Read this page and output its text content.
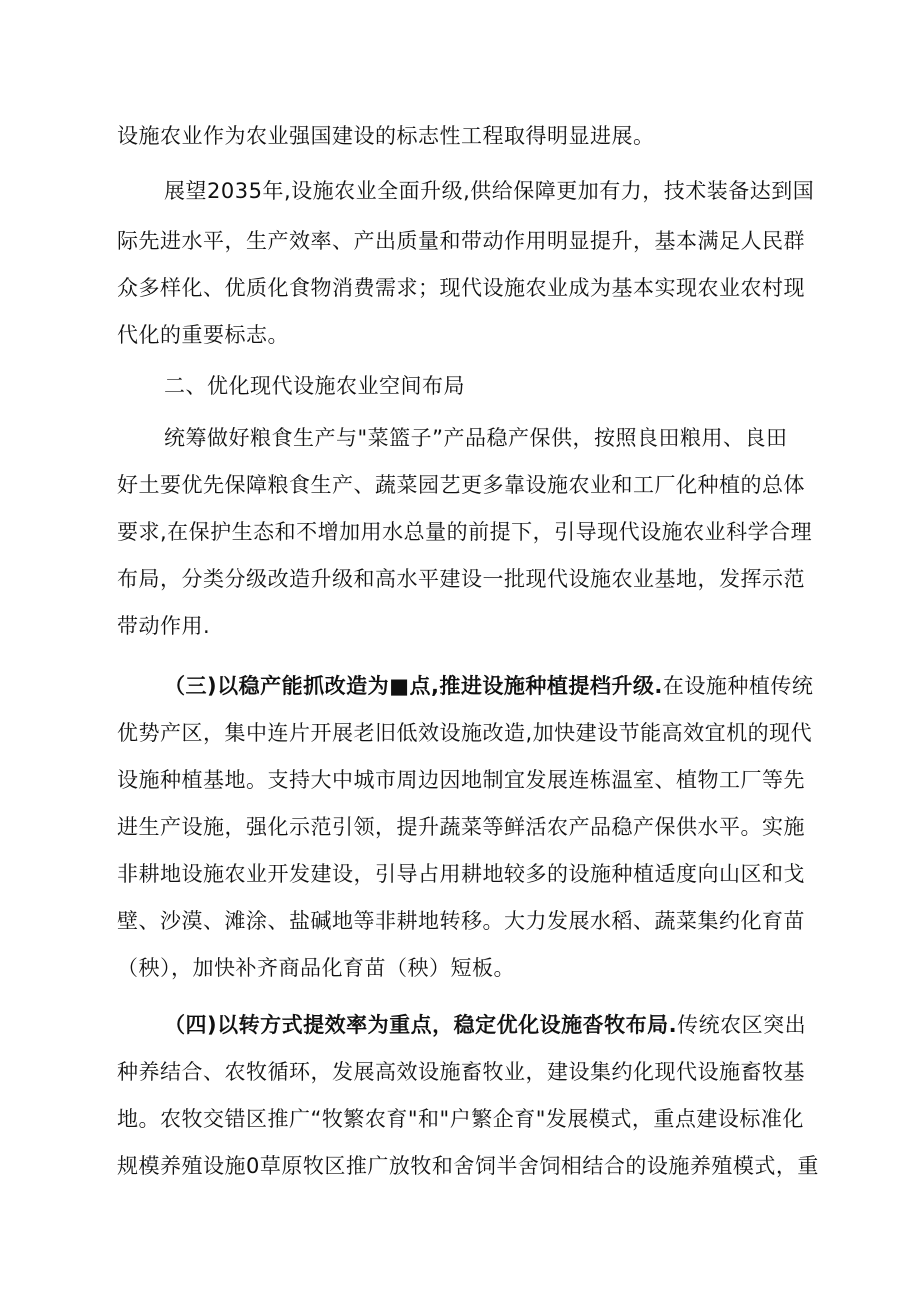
设施农业作为农业强国建设的标志性工程取得明显进展。
展望2035年,设施农业全面升级,供给保障更加有力，技术装备达到国
际先进水平，生产效率、产出质量和带动作用明显提升，基本满足人民群
众多样化、优质化食物消费需求；现代设施农业成为基本实现农业农村现
代化的重要标志。
二、优化现代设施农业空间布局
统筹做好粮食生产与"菜篮子”产品稳产保供，按照良田粮用、良田
好土要优先保障粮食生产、蔬菜园艺更多靠设施农业和工厂化种植的总体
要求,在保护生态和不增加用水总量的前提下，引导现代设施农业科学合理
布局，分类分级改造升级和高水平建设一批现代设施农业基地，发挥示范
带动作用.
（三)以稳产能抓改造为■点,推进设施种植提档升级.在设施种植传统
优势产区，集中连片开展老旧低效设施改造,加快建设节能高效宜机的现代
设施种植基地。支持大中城市周边因地制宜发展连栋温室、植物工厂等先
进生产设施，强化示范引领，提升蔬菜等鲜活农产品稳产保供水平。实施
非耕地设施农业开发建设，引导占用耕地较多的设施种植适度向山区和戈
壁、沙漠、滩涂、盐碱地等非耕地转移。大力发展水稻、蔬菜集约化育苗
（秧），加快补齐商品化育苗（秧）短板。
（四)以转方式提效率为重点，稳定优化设施沓牧布局.传统农区突出
种养结合、农牧循环，发展高效设施畜牧业，建设集约化现代设施畜牧基
地。农牧交错区推广“牧繁农育"和"户繁企育"发展模式，重点建设标准化
规模养殖设施0草原牧区推广放牧和舍饲半舍饲相结合的设施养殖模式，重
